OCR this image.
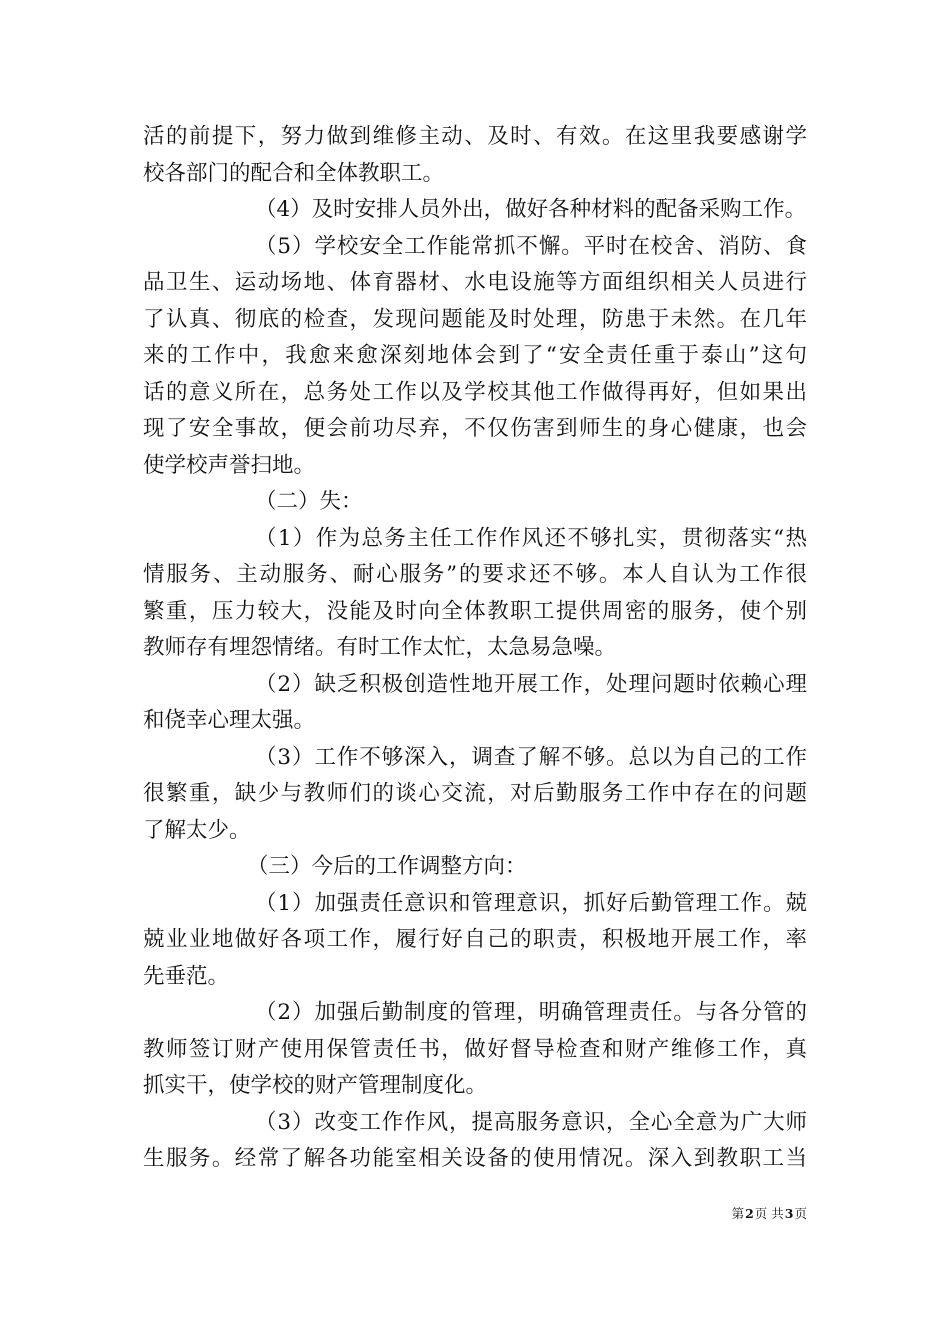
活的前提下，努力做到维修主动、及时、有效。在这里我要感谢学
校各部门的配合和全体教职工。
（4）及时安排人员外出，做好各种材料的配备采购工作。
（5）学校安全工作能常抓不懈。平时在校舍、消防、食
品卫生、运动场地、体育器材、水电设施等方面组织相关人员进行
了认真、彻底的检查，发现问题能及时处理，防患于未然。在几年
来的工作中，我愈来愈深刻地体会到了“安全责任重于泰山”这句
话的意义所在，总务处工作以及学校其他工作做得再好，但如果出
现了安全事故，便会前功尽弃，不仅伤害到师生的身心健康，也会
使学校声誉扫地。
（二）失：
（1）作为总务主任工作作风还不够扎实，贯彻落实“热
情服务、主动服务、耐心服务”的要求还不够。本人自认为工作很
繁重，压力较大，没能及时向全体教职工提供周密的服务，使个别
教师存有埋怨情绪。有时工作太忙，太急易急噪。
（2）缺乏积极创造性地开展工作，处理问题时依赖心理
和侥幸心理太强。
（3）工作不够深入，调查了解不够。总以为自己的工作
很繁重，缺少与教师们的谈心交流，对后勤服务工作中存在的问题
了解太少。
（三）今后的工作调整方向：
（1）加强责任意识和管理意识，抓好后勤管理工作。兢
兢业业地做好各项工作，履行好自己的职责，积极地开展工作，率
先垂范。
（2）加强后勤制度的管理，明确管理责任。与各分管的
教师签订财产使用保管责任书，做好督导检查和财产维修工作，真
抓实干，使学校的财产管理制度化。
（3）改变工作作风，提高服务意识，全心全意为广大师
生服务。经常了解各功能室相关设备的使用情况。深入到教职工当
第2页 共3页
